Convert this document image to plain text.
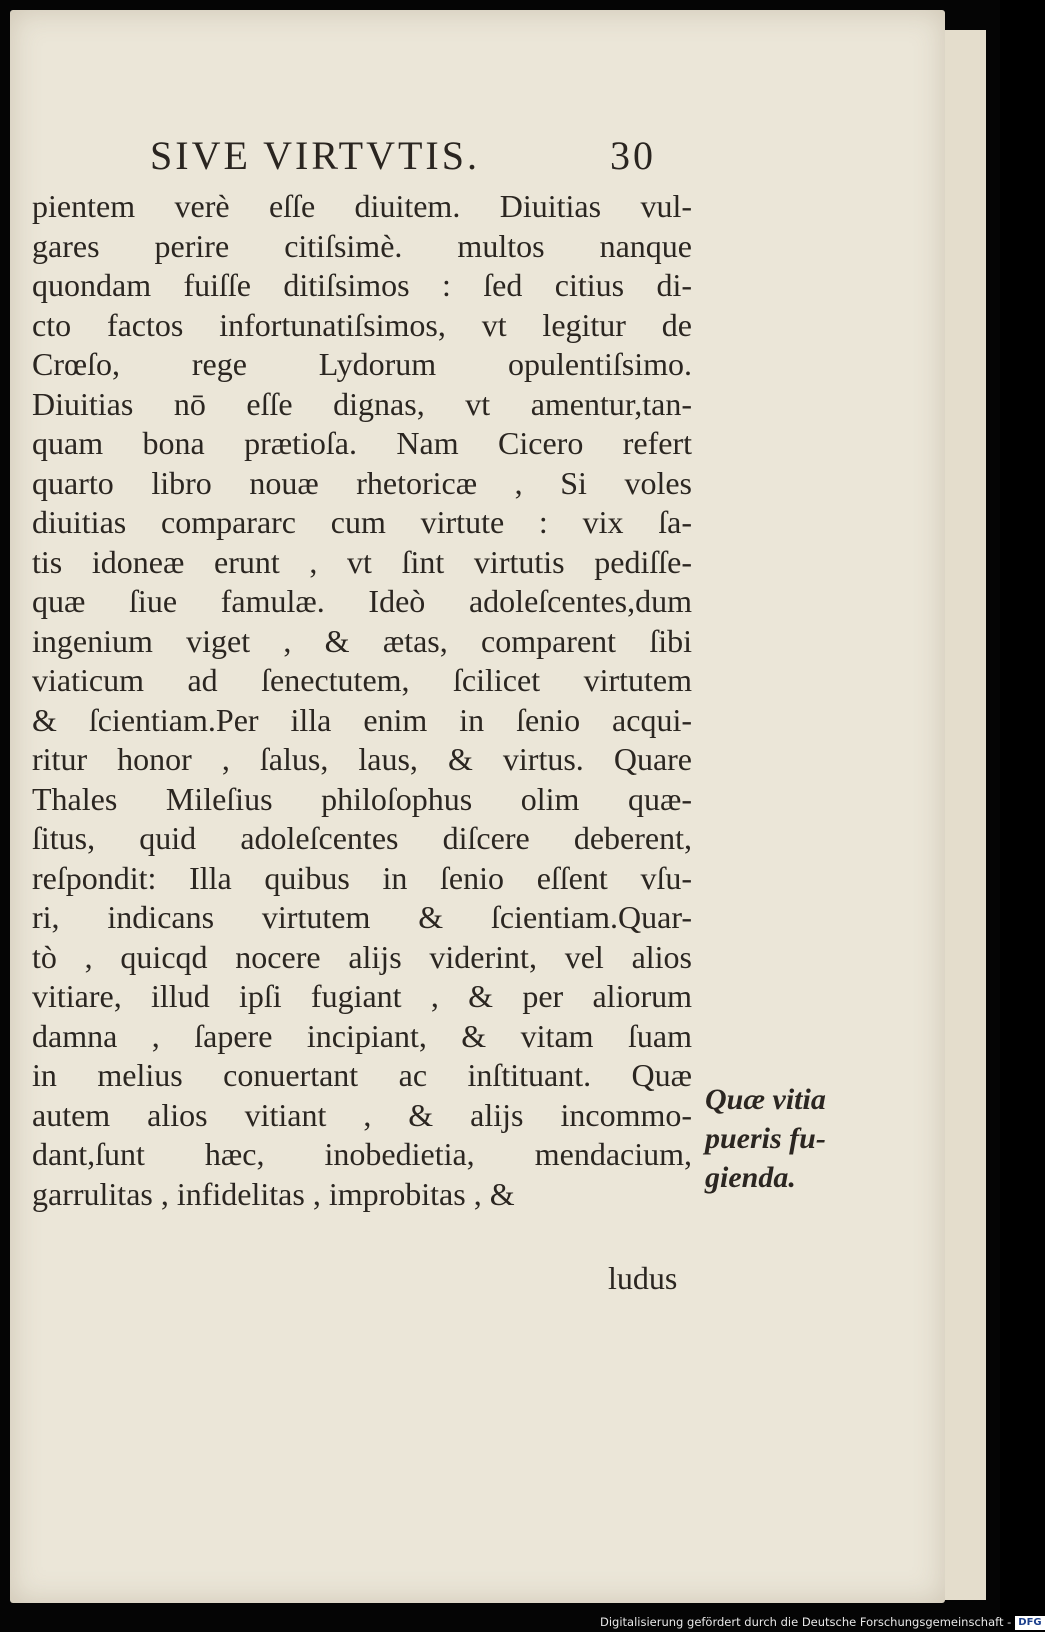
SIVE VIRTVTIS.	30
pientem verè eſſe diuitem. Diuitias vul-
gares perire citiſsimè. multos nanque
quondam fuiſſe ditiſsimos : ſed citius di-
cto factos infortunatiſsimos, vt legitur de
Crœſo, rege Lydorum opulentiſsimo.
Diuitias nō eſſe dignas, vt amentur,tan-
quam bona prætioſa. Nam Cicero refert
quarto libro nouæ rhetoricæ , Si voles
diuitias compararc cum virtute : vix ſa-
tis idoneæ erunt , vt ſint virtutis pediſſe-
quæ ſiue famulæ. Ideò adoleſcentes,dum
ingenium viget , & ætas, comparent ſibi
viaticum ad ſenectutem, ſcilicet virtutem
& ſcientiam.Per illa enim in ſenio acqui-
ritur honor , ſalus, laus, & virtus. Quare
Thales Mileſius philoſophus olim quæ-
ſitus, quid adoleſcentes diſcere deberent,
reſpondit: Illa quibus in ſenio eſſent vſu-
ri, indicans virtutem & ſcientiam.Quar-
tò , quicqd nocere alijs viderint, vel alios
vitiare, illud ipſi fugiant , & per aliorum
damna , ſapere incipiant, & vitam ſuam
in melius conuertant ac inſtituant. Quæ
autem alios vitiant , & alijs incommo-
dant,ſunt hæc, inobedietia, mendacium,
garrulitas , infidelitas , improbitas , &
ludus
Quæ vitia
pueris fu-
gienda.
Digitalisierung gefördert durch die Deutsche Forschungsgemeinschaft - DFG
